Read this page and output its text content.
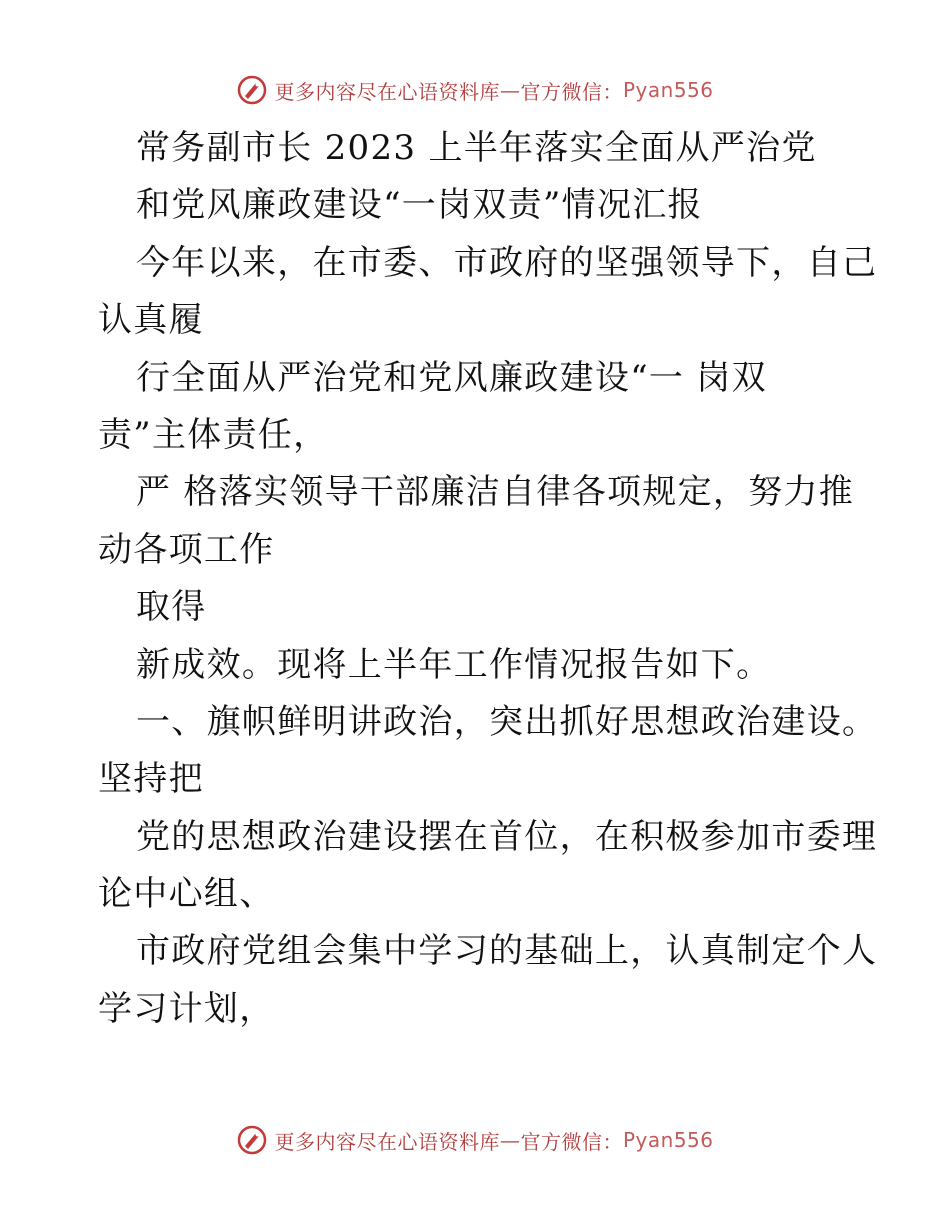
更多内容尽在心语资料库 — 官方微信： Pyan556
常务副市长 2023 上半年落实全面从严治党
和党风廉政建设“一岗双责”情况汇报
今年以来，在市委、市政府的坚强领导下，自己
认真履
行全面从严治党和党风廉政建设“一 岗双
责”主体责任，
严 格落实领导干部廉洁自律各项规定，努力推
动各项工作
取得
新成效。现将上半年工作情况报告如下。
一、旗帜鲜明讲政治，突出抓好思想政治建设。
坚持把
党的思想政治建设摆在首位，在积极参加市委理
论中心组、
市政府党组会集中学习的基础上，认真制定个人
学习计划，
更多内容尽在心语资料库 — 官方微信： Pyan556
